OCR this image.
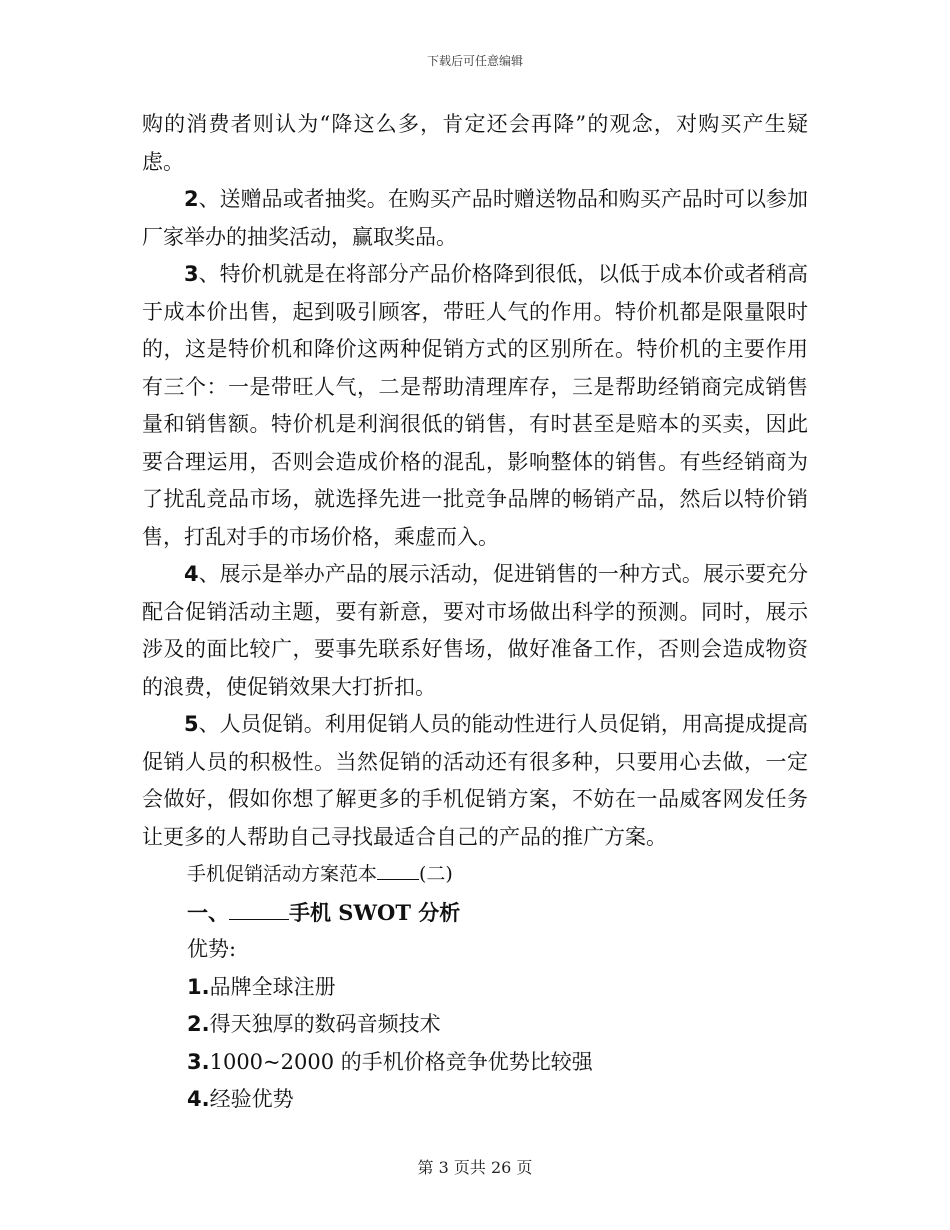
下载后可任意编辑

购的消费者则认为“降这么多，肯定还会再降”的观念，对购买产生疑虑。

2、送赠品或者抽奖。在购买产品时赠送物品和购买产品时可以参加厂家举办的抽奖活动，赢取奖品。

3、特价机就是在将部分产品价格降到很低，以低于成本价或者稍高于成本价出售，起到吸引顾客，带旺人气的作用。特价机都是限量限时的，这是特价机和降价这两种促销方式的区别所在。特价机的主要作用有三个：一是带旺人气，二是帮助清理库存，三是帮助经销商完成销售量和销售额。特价机是利润很低的销售，有时甚至是赔本的买卖，因此要合理运用，否则会造成价格的混乱，影响整体的销售。有些经销商为了扰乱竞品市场，就选择先进一批竞争品牌的畅销产品，然后以特价销售，打乱对手的市场价格，乘虚而入。

4、展示是举办产品的展示活动，促进销售的一种方式。展示要充分配合促销活动主题，要有新意，要对市场做出科学的预测。同时，展示涉及的面比较广，要事先联系好售场，做好准备工作，否则会造成物资的浪费，使促销效果大打折扣。

5、人员促销。利用促销人员的能动性进行人员促销，用高提成提高促销人员的积极性。当然促销的活动还有很多种，只要用心去做，一定会做好，假如你想了解更多的手机促销方案，不妨在一品威客网发任务让更多的人帮助自己寻找最适合自己的产品的推广方案。

手机促销活动方案范本 (二)

一、	手机 SWOT 分析

优势:

1.品牌全球注册

2.得天独厚的数码音频技术

3.1000~2000 的手机价格竞争优势比较强

4.经验优势

第 3 页共 26 页
